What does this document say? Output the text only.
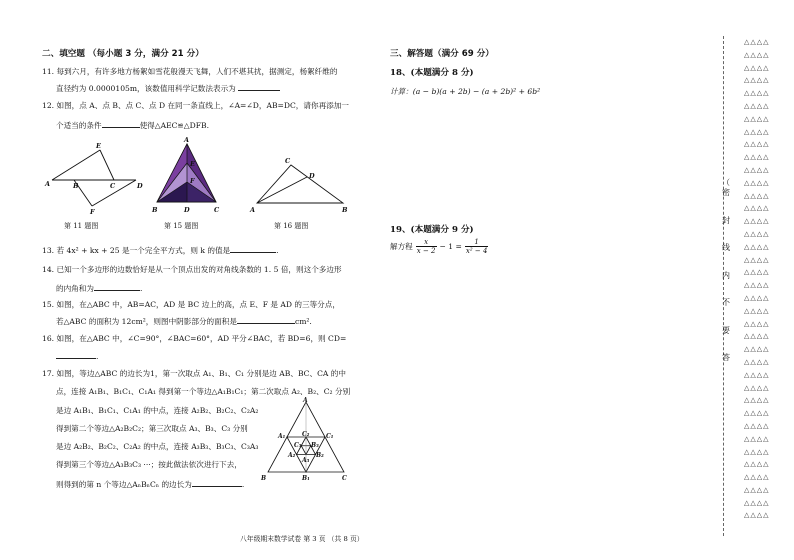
二、填空题 （每小题 3 分，满分 21 分）
11. 每到六月，有许多地方杨絮如雪花般漫天飞舞，人们不堪其扰，据测定，杨絮纤维的
直径约为 0.0000105m，该数值用科学记数法表示为
12. 如图，点 A、点 B、点 C、点 D 在同一条直线上，∠A=∠D，AB=DC，请你再添加一
个适当的条件	使得△AEC≌△DFB.
A	B	C	D
E
F
A
E
F
B	D	C
C
D
A	B
第 11 题图	第 15 题图	第 16 题图
13. 若 4x² + kx + 25 是一个完全平方式，则 k 的值是	.
14. 已知一个多边形的边数恰好是从一个顶点出发的对角线条数的 1. 5 倍，则这个多边形
的内角和为	.
15. 如图，在△ABC 中，AB=AC，AD 是 BC 边上的高，点 E、F 是 AD 的三等分点，
若△ABC 的面积为 12cm²，则图中阴影部分的面积是	cm².
16. 如图，在△ABC 中，∠C=90°，∠BAC=60°，AD 平分∠BAC，若 BD=6，则 CD=
.
17. 如图，等边△ABC 的边长为1，第一次取点 A₁、B₁、C₁ 分别是边 AB、BC、CA 的中
点，连接 A₁B₁、B₁C₁、C₁A₁ 得到第一个等边△A₁B₁C₁；第二次取点 A₂、B₂、C₂ 分别
是边 A₁B₁、B₁C₁、C₁A₁ 的中点，连接 A₂B₂、B₂C₂、C₂A₂
得到第二个等边△A₂B₂C₂；第三次取点 A₃、B₃、C₃ 分别
是边 A₂B₂、B₂C₂、C₂A₂ 的中点，连接 A₃B₃、B₃C₃、C₃A₃
得到第三个等边△A₃B₃C₃ ···；按此做法依次进行下去，
则得到的第 n 个等边△AₙBₙCₙ 的边长为	.
A
B	C
A₁	C₁
B₁
C₂
A₂	B₂
C₃ B₃
A₃
三、解答题（满分 69 分）
18、(本题满分 8 分)
计算：(a − b)(a + 2b) − (a + 2b)² + 6b²
19、(本题满分 9 分)
解方程 x
x − 2
− $1 = \frac{1}{\text{x² − 4}}$
（
密
封
线
内
不
要
答
△△△△
△△△△
△△△△
△△△△
△△△△
△△△△
△△△△
△△△△
△△△△
△△△△
△△△△
△△△△
△△△△
△△△△
△△△△
△△△△
△△△△
△△△△
△△△△
△△△△
△△△△
△△△△
△△△△
△△△△
△△△△
△△△△
△△△△
△△△△
△△△△
△△△△
△△△△
△△△△
△△△△
△△△△
△△△△
△△△△
△△△△
△△△△
八年级期末数学试卷 第 3 页 （共 8 页）
